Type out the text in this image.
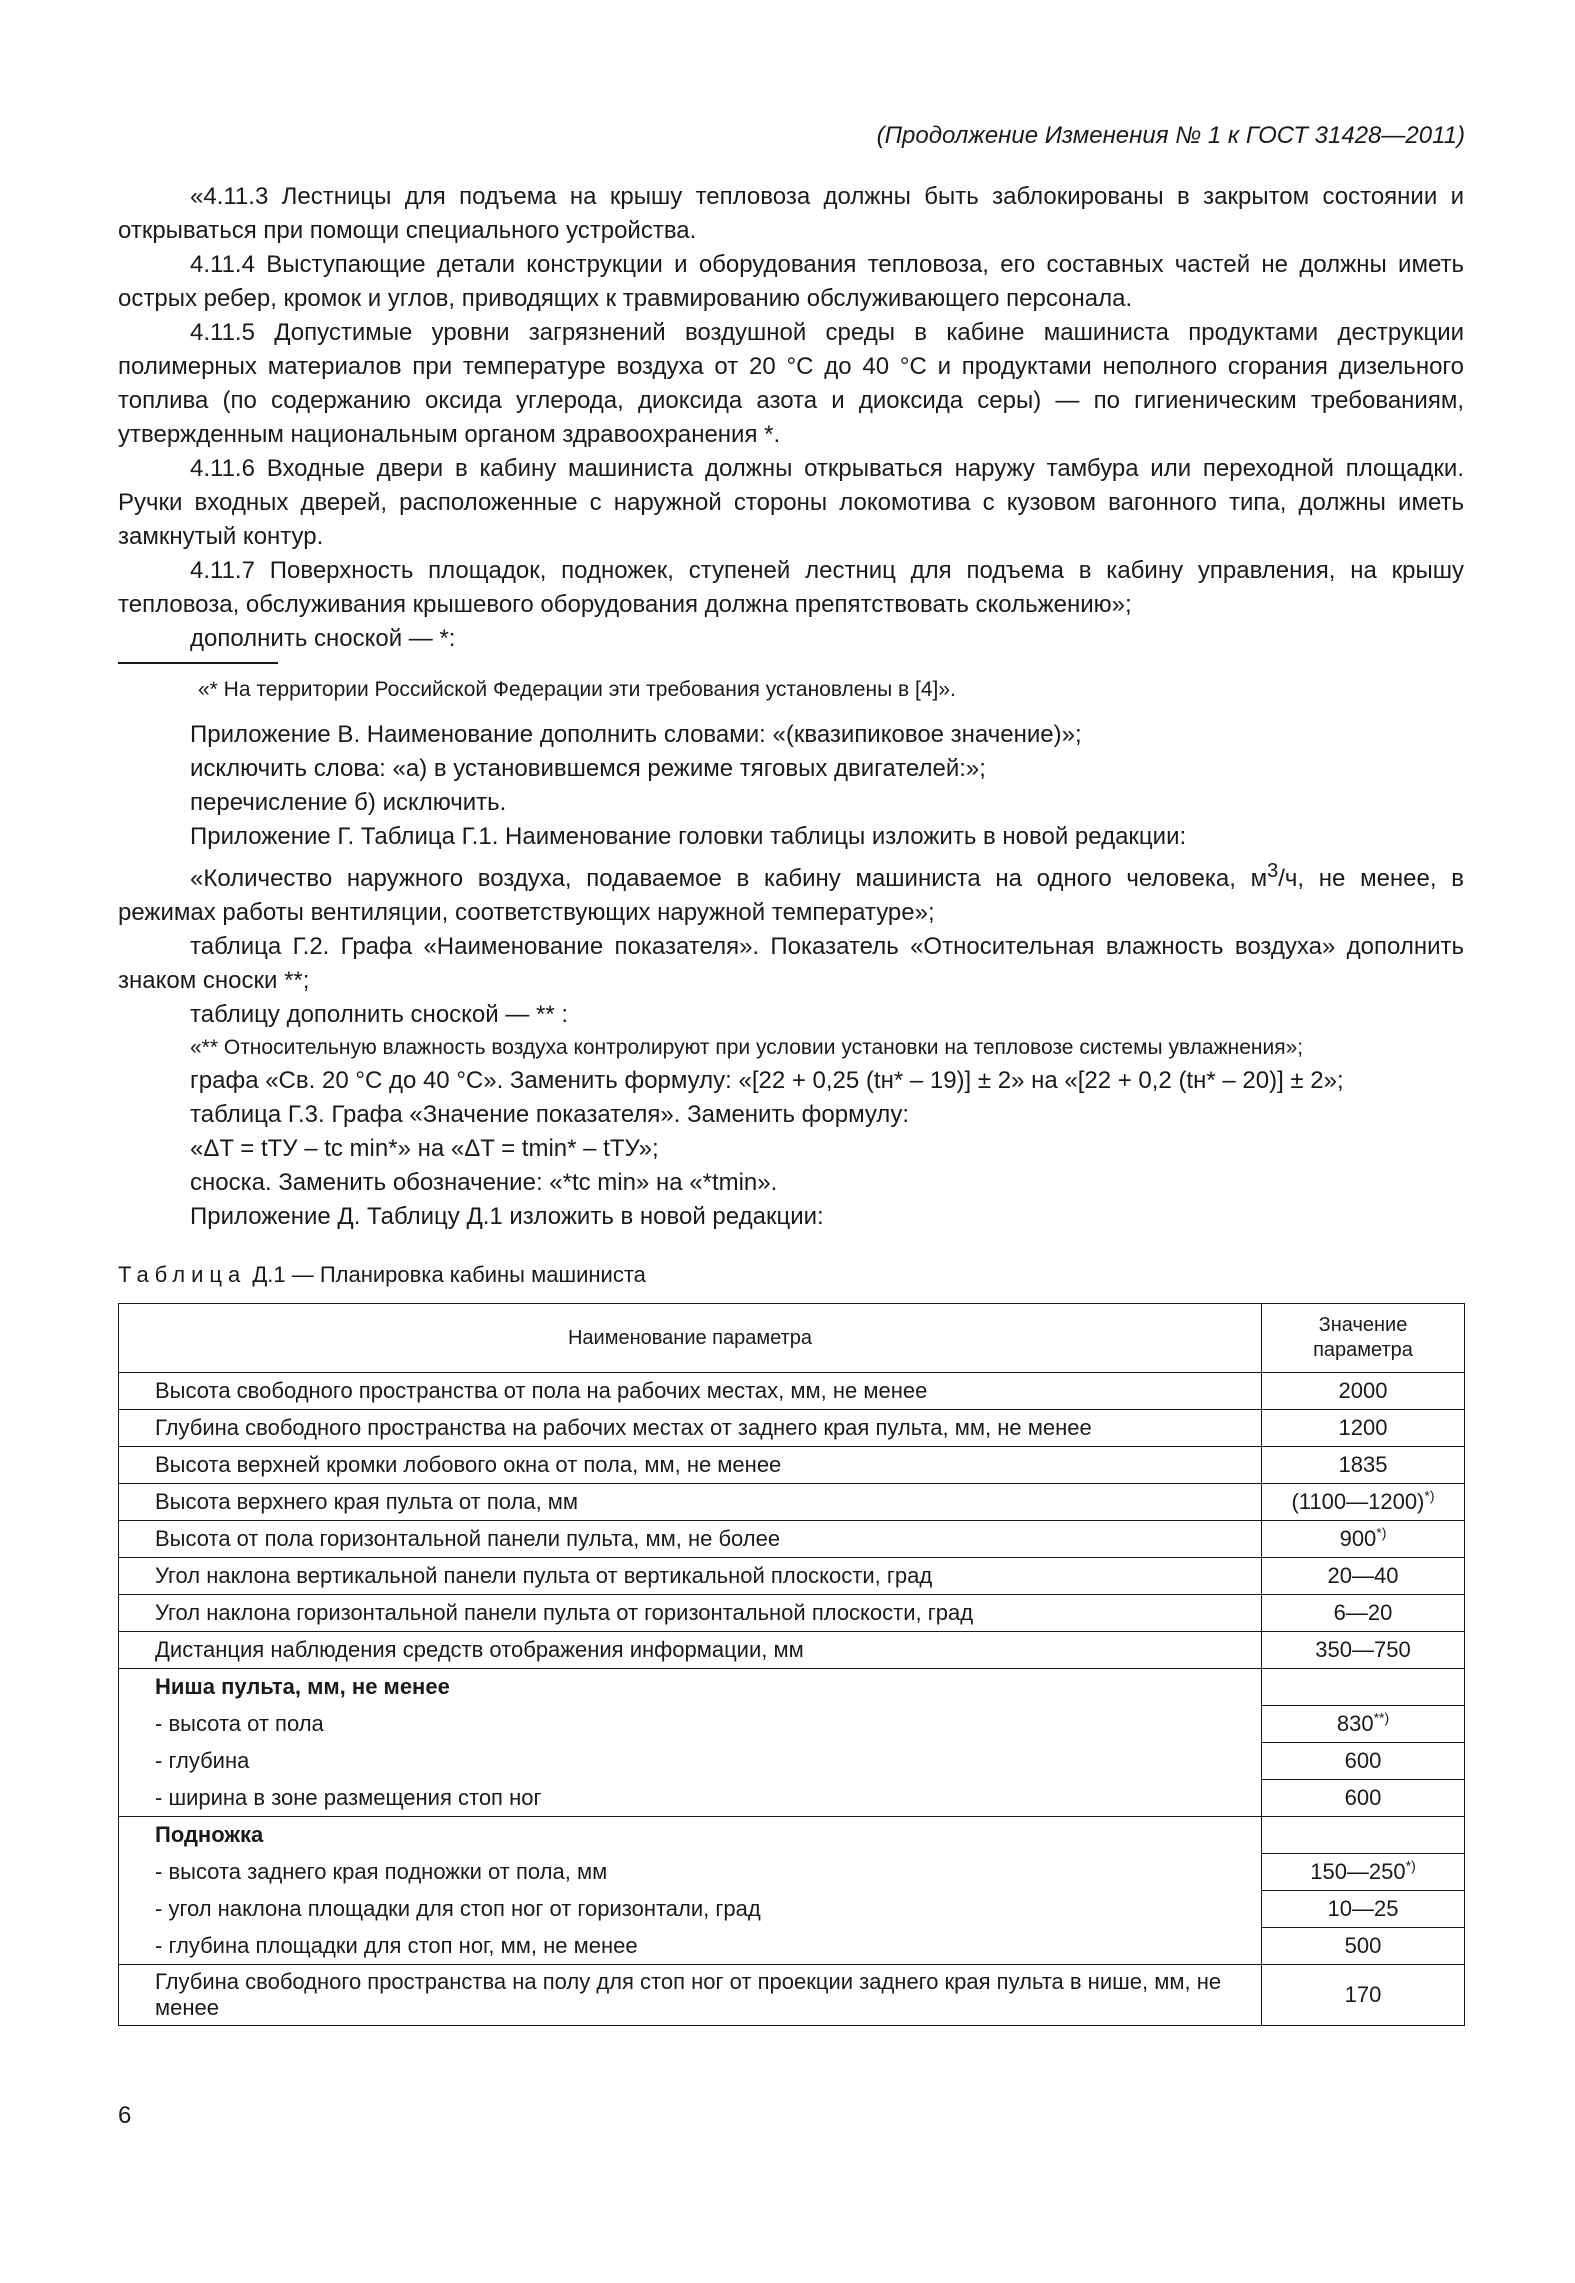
(Продолжение Изменения № 1 к ГОСТ 31428—2011)

«4.11.3 Лестницы для подъема на крышу тепловоза должны быть заблокированы в закрытом состоянии и открываться при помощи специального устройства.

4.11.4 Выступающие детали конструкции и оборудования тепловоза, его составных частей не должны иметь острых ребер, кромок и углов, приводящих к травмированию обслуживающего персонала.

4.11.5 Допустимые уровни загрязнений воздушной среды в кабине машиниста продуктами деструкции полимерных материалов при температуре воздуха от 20 °С до 40 °С и продуктами неполного сгорания дизельного топлива (по содержанию оксида углерода, диоксида азота и диоксида серы) — по гигиеническим требованиям, утвержденным национальным органом здравоохранения *.

4.11.6 Входные двери в кабину машиниста должны открываться наружу тамбура или переходной площадки. Ручки входных дверей, расположенные с наружной стороны локомотива с кузовом вагонного типа, должны иметь замкнутый контур.

4.11.7 Поверхность площадок, подножек, ступеней лестниц для подъема в кабину управления, на крышу тепловоза, обслуживания крышевого оборудования должна препятствовать скольжению»;

дополнить сноской — *:

«* На территории Российской Федерации эти требования установлены в [4]».

Приложение В. Наименование дополнить словами: «(квазипиковое значение)»;

исключить слова: «а) в установившемся режиме тяговых двигателей:»;

перечисление б) исключить.

Приложение Г. Таблица Г.1. Наименование головки таблицы изложить в новой редакции:

«Количество наружного воздуха, подаваемое в кабину машиниста на одного человека, $м^3/ч$, не менее, в режимах работы вентиляции, соответствующих наружной температуре»;

таблица Г.2. Графа «Наименование показателя». Показатель «Относительная влажность воздуха» дополнить знаком сноски **;

таблицу дополнить сноской — ** :

«** Относительную влажность воздуха контролируют при условии установки на тепловозе системы увлажнения»;

графа «Св. 20 °С до 40 °С». Заменить формулу: «[22 + 0,25 (tн* – 19)] ± 2» на «[22 + 0,2 (tн* – 20)] ± 2»;

таблица Г.3. Графа «Значение показателя». Заменить формулу:

«ΔT = tТУ – tс min*» на «ΔT = tmin* – tТУ»;

сноска. Заменить обозначение: «*tс min» на «*tmin».

Приложение Д. Таблицу Д.1 изложить в новой редакции:

Таблица Д.1 — Планировка кабины машиниста
Наименование параметра	Значение параметра
Высота свободного пространства от пола на рабочих местах, мм, не менее	2000
Глубина свободного пространства на рабочих местах от заднего края пульта, мм, не менее	1200
Высота верхней кромки лобового окна от пола, мм, не менее	1835
Высота верхнего края пульта от пола, мм	(1100—1200)*)
Высота от пола горизонтальной панели пульта, мм, не более	900*)
Угол наклона вертикальной панели пульта от вертикальной плоскости, град	20—40
Угол наклона горизонтальной панели пульта от горизонтальной плоскости, град	6—20
Дистанция наблюдения средств отображения информации, мм	350—750
Ниша пульта, мм, не менее	
- высота от пола	830**)
- глубина	600
- ширина в зоне размещения стоп ног	600
Подножка	
- высота заднего края подножки от пола, мм	150—250*)
- угол наклона площадки для стоп ног от горизонтали, град	10—25
- глубина площадки для стоп ног, мм, не менее	500
Глубина свободного пространства на полу для стоп ног от проекции заднего края пульта в нише, мм, не менее	170
6
